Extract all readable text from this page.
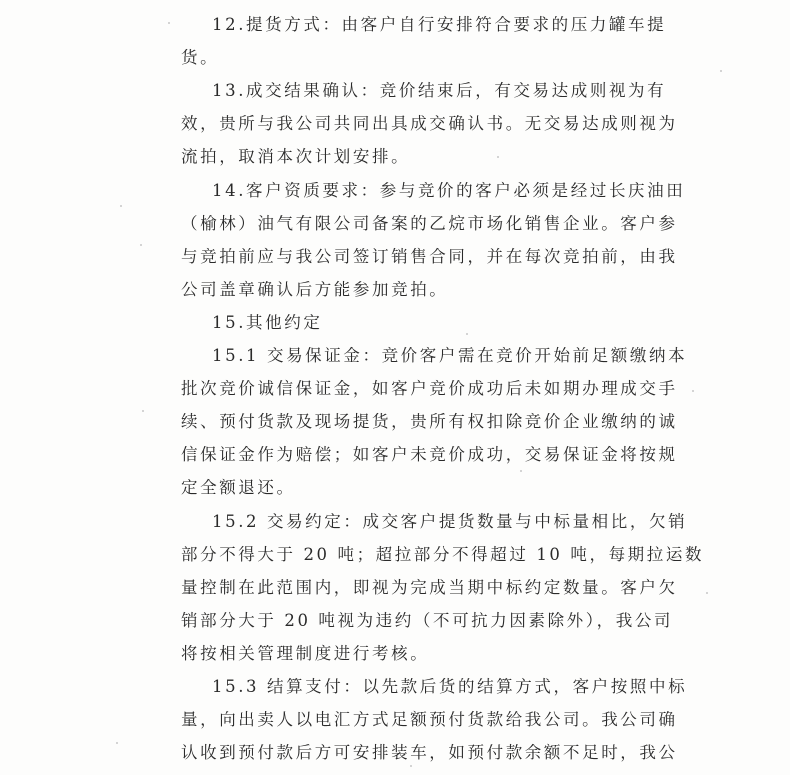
12.提货方式：由客户自行安排符合要求的压力罐车提
货。
13.成交结果确认：竞价结束后，有交易达成则视为有
效，贵所与我公司共同出具成交确认书。无交易达成则视为
流拍，取消本次计划安排。
14.客户资质要求：参与竞价的客户必须是经过长庆油田
（榆林）油气有限公司备案的乙烷市场化销售企业。客户参
与竞拍前应与我公司签订销售合同，并在每次竞拍前，由我
公司盖章确认后方能参加竞拍。
15.其他约定
15.1 交易保证金：竞价客户需在竞价开始前足额缴纳本
批次竞价诚信保证金，如客户竞价成功后未如期办理成交手
续、预付货款及现场提货，贵所有权扣除竞价企业缴纳的诚
信保证金作为赔偿；如客户未竞价成功，交易保证金将按规
定全额退还。
15.2 交易约定：成交客户提货数量与中标量相比，欠销
部分不得大于 20 吨；超拉部分不得超过 10 吨，每期拉运数
量控制在此范围内，即视为完成当期中标约定数量。客户欠
销部分大于 20 吨视为违约（不可抗力因素除外），我公司
将按相关管理制度进行考核。
15.3 结算支付：以先款后货的结算方式，客户按照中标
量，向出卖人以电汇方式足额预付货款给我公司。我公司确
认收到预付款后方可安排装车，如预付款余额不足时，我公
